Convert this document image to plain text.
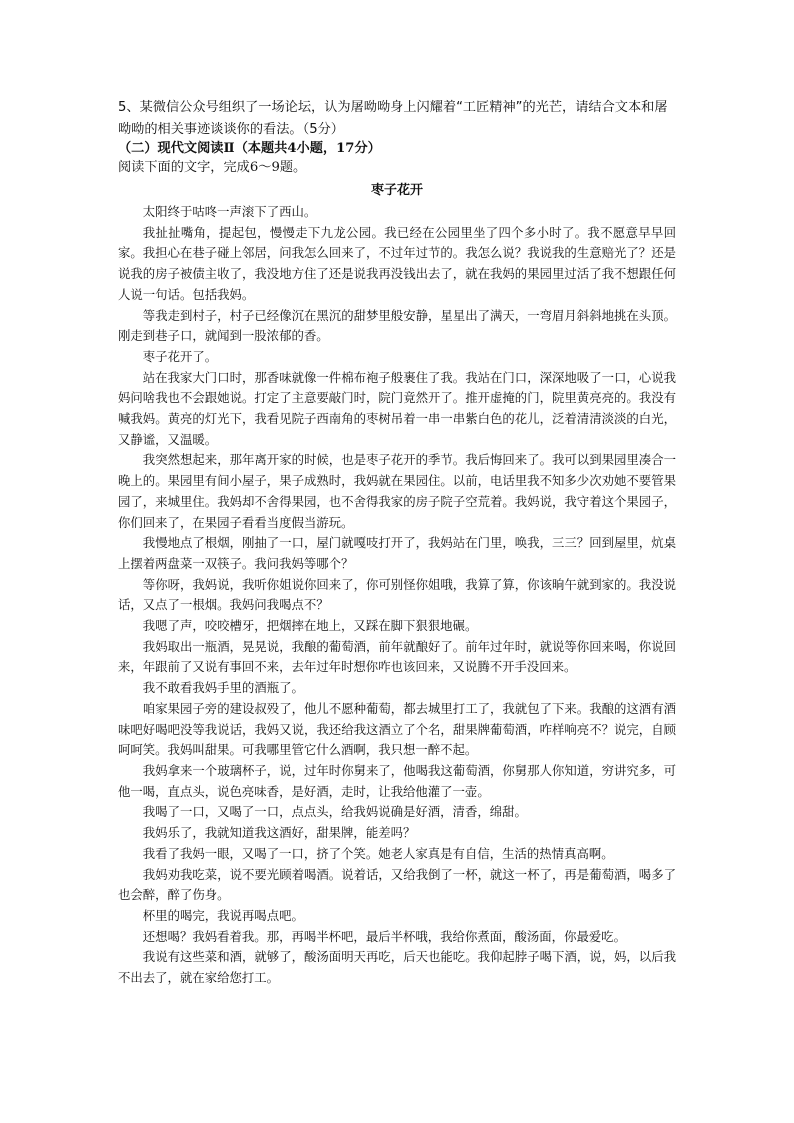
5、某微信公众号组织了一场论坛，认为屠呦呦身上闪耀着“工匠精神”的光芒，请结合文本和屠呦呦的相关事迹谈谈你的看法。（5分）
（二）现代文阅读Ⅱ（本题共4小题，17分）
阅读下面的文字，完成6～9题。
枣子花开

太阳终于咕咚一声滚下了西山。

我扯扯嘴角，提起包，慢慢走下九龙公园。我已经在公园里坐了四个多小时了。我不愿意早早回家。我担心在巷子碰上邻居，问我怎么回来了，不过年过节的。我怎么说？我说我的生意赔光了？还是说我的房子被债主收了，我没地方住了还是说我再没钱出去了，就在我妈的果园里过活了我不想跟任何人说一句话。包括我妈。

等我走到村子，村子已经像沉在黑沉的甜梦里般安静，星星出了满天，一弯眉月斜斜地挑在头顶。刚走到巷子口，就闻到一股浓郁的香。

枣子花开了。

站在我家大门口时，那香味就像一件棉布袍子般裹住了我。我站在门口，深深地吸了一口，心说我妈问啥我也不会跟她说。打定了主意要敲门时，院门竟然开了。推开虚掩的门，院里黄亮亮的。我没有喊我妈。黄亮的灯光下，我看见院子西南角的枣树吊着一串一串紫白色的花儿，泛着清清淡淡的白光，又静谧，又温暖。

我突然想起来，那年离开家的时候，也是枣子花开的季节。我后悔回来了。我可以到果园里凑合一晚上的。果园里有间小屋子，果子成熟时，我妈就在果园住。以前，电话里我不知多少次劝她不要管果园了，来城里住。我妈却不舍得果园，也不舍得我家的房子院子空荒着。我妈说，我守着这个果园子，你们回来了，在果园子看看当度假当游玩。

我慢地点了根烟，刚抽了一口，屋门就嘎吱打开了，我妈站在门里，唤我，三三？回到屋里，炕桌上摆着两盘菜一双筷子。我问我妈等哪个？

等你呀，我妈说，我听你姐说你回来了，你可别怪你姐哦，我算了算，你该晌午就到家的。我没说话，又点了一根烟。我妈问我喝点不？

我嗯了声，咬咬槽牙，把烟摔在地上，又踩在脚下狠狠地碾。

我妈取出一瓶酒，晃晃说，我酿的葡萄酒，前年就酿好了。前年过年时，就说等你回来喝，你说回来，年跟前了又说有事回不来，去年过年时想你咋也该回来，又说腾不开手没回来。

我不敢看我妈手里的酒瓶了。

咱家果园子旁的建设叔殁了，他儿不愿种葡萄，都去城里打工了，我就包了下来。我酿的这酒有酒味吧好喝吧没等我说话，我妈又说，我还给我这酒立了个名，甜果牌葡萄酒，咋样响亮不？说完，自顾呵呵笑。我妈叫甜果。可我哪里管它什么酒啊，我只想一醉不起。

我妈拿来一个玻璃杯子，说，过年时你舅来了，他喝我这葡萄酒，你舅那人你知道，穷讲究多，可他一喝，直点头，说色亮味香，是好酒，走时，让我给他灌了一壶。

我喝了一口，又喝了一口，点点头，给我妈说确是好酒，清香，绵甜。

我妈乐了，我就知道我这酒好，甜果牌，能差吗？

我看了我妈一眼，又喝了一口，挤了个笑。她老人家真是有自信，生活的热情真高啊。

我妈劝我吃菜，说不要光顾着喝酒。说着话，又给我倒了一杯，就这一杯了，再是葡萄酒，喝多了也会醉，醉了伤身。

杯里的喝完，我说再喝点吧。

还想喝？我妈看着我。那，再喝半杯吧，最后半杯哦，我给你煮面，酸汤面，你最爱吃。

我说有这些菜和酒，就够了，酸汤面明天再吃，后天也能吃。我仰起脖子喝下酒，说，妈，以后我不出去了，就在家给您打工。
